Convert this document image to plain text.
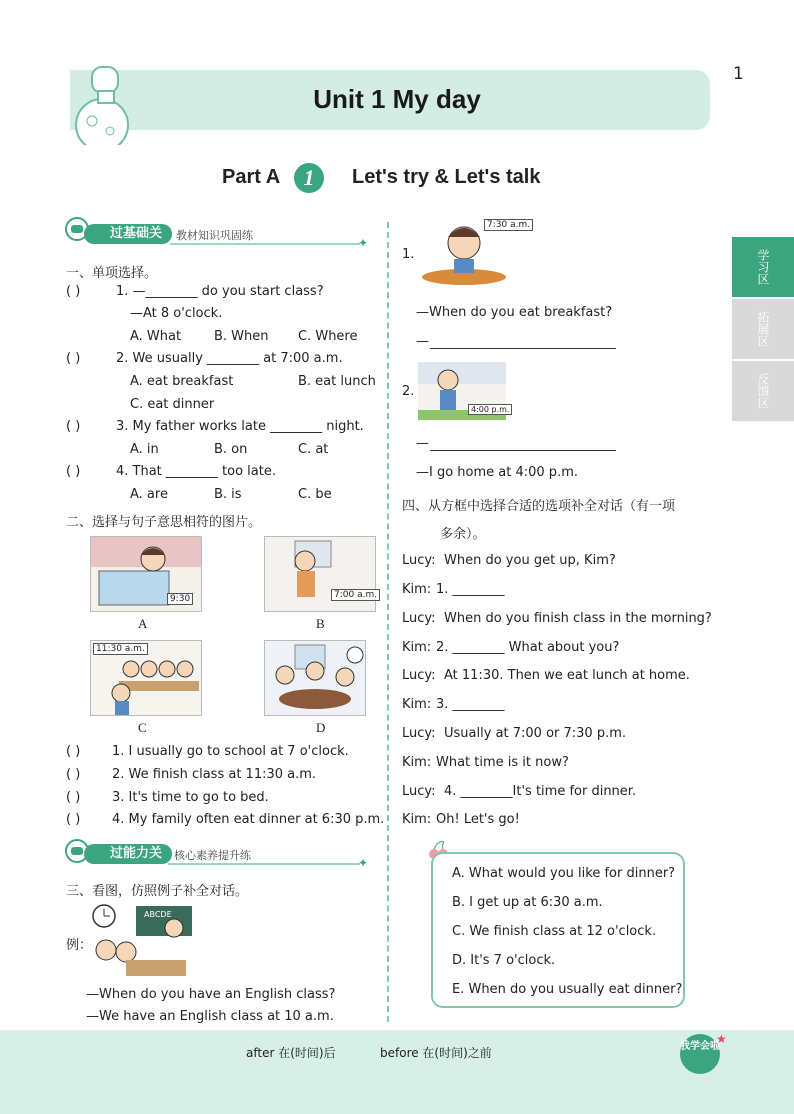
Unit 1 My day
1
Part A	1	Let's try & Let's talk
学习区
拓展区
反馈区
过基础关	教材知识巩固练
✦
一、单项选择。
( )	1. —________ do you start class?
—At 8 o'clock.
A. What	B. When C. Where
( )	2. We usually ________ at 7:00 a.m.
A. eat breakfast	B. eat lunch
C. eat dinner
( )	3. My father works late ________ night.
A. in	B. on	C. at
( )	4. That ________ too late.
A. are	B. is	C. be
二、选择与句子意思相符的图片。
9:30
A
7:00 a.m.
B
11:30 a.m.
C	D
( ) 1. I usually go to school at 7 o'clock.
( ) 2. We finish class at 11:30 a.m.
( ) 3. It's time to go to bed.
( ) 4. My family often eat dinner at 6:30 p.m.
过能力关	核心素养提升练
✦
三、看图，仿照例子补全对话。
例：
ABCDE
—When do you have an English class?
—We have an English class at 10 a.m.
1.
7:30 a.m.
—When do you eat breakfast?
—
2.
4:00 p.m.
—
—I go home at 4:00 p.m.
四、从方框中选择合适的选项补全对话（有一项
多余）。
Lucy: When do you get up, Kim?
Kim: 1. ________
Lucy: When do you finish class in the morning?
Kim: 2. ________ What about you?
Lucy: At 11:30. Then we eat lunch at home.
Kim: 3. ________
Lucy: Usually at 7:00 or 7:30 p.m.
Kim: What time is it now?
Lucy: 4. ________It's time for dinner.
Kim: Oh! Let's go!
A. What would you like for dinner?
B. I get up at 6:30 a.m.
C. We finish class at 12 o'clock.
D. It's 7 o'clock.
E. When do you usually eat dinner?
after 在(时间)后	before 在(时间)之前	我学会啦
★
